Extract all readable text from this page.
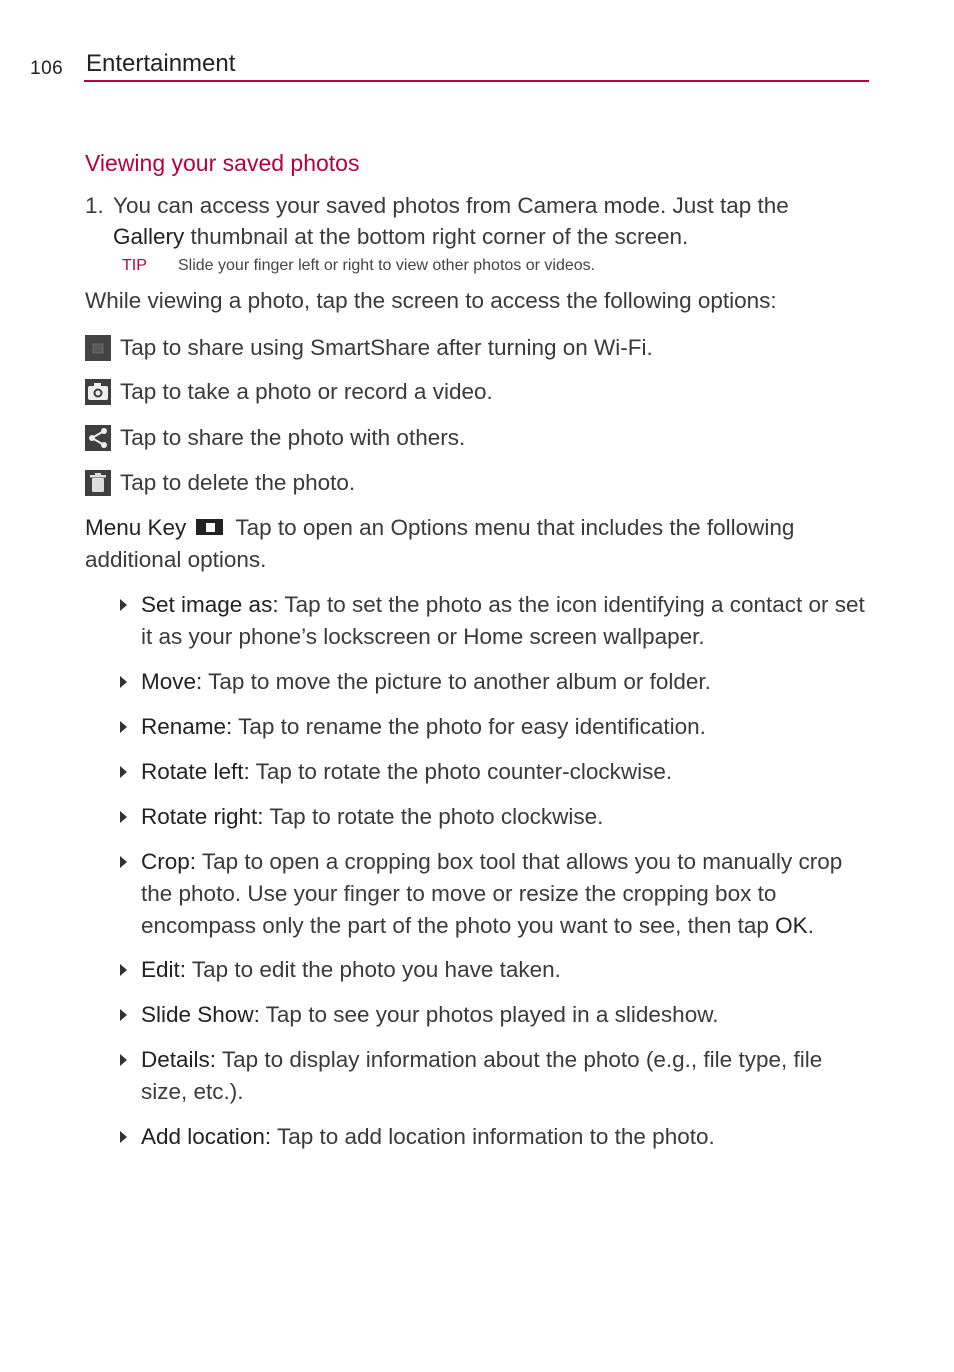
106 Entertainment
Viewing your saved photos
1. You can access your saved photos from Camera mode. Just tap the Gallery thumbnail at the bottom right corner of the screen.
TIP Slide your finger left or right to view other photos or videos.
While viewing a photo, tap the screen to access the following options:
Tap to share using SmartShare after turning on Wi-Fi.
Tap to take a photo or record a video.
Tap to share the photo with others.
Tap to delete the photo.
Menu Key Tap to open an Options menu that includes the following additional options.
Set image as: Tap to set the photo as the icon identifying a contact or set it as your phone’s lockscreen or Home screen wallpaper.
Move: Tap to move the picture to another album or folder.
Rename: Tap to rename the photo for easy identification.
Rotate left: Tap to rotate the photo counter-clockwise.
Rotate right: Tap to rotate the photo clockwise.
Crop: Tap to open a cropping box tool that allows you to manually crop the photo. Use your finger to move or resize the cropping box to encompass only the part of the photo you want to see, then tap OK.
Edit: Tap to edit the photo you have taken.
Slide Show: Tap to see your photos played in a slideshow.
Details: Tap to display information about the photo (e.g., file type, file size, etc.).
Add location: Tap to add location information to the photo.
